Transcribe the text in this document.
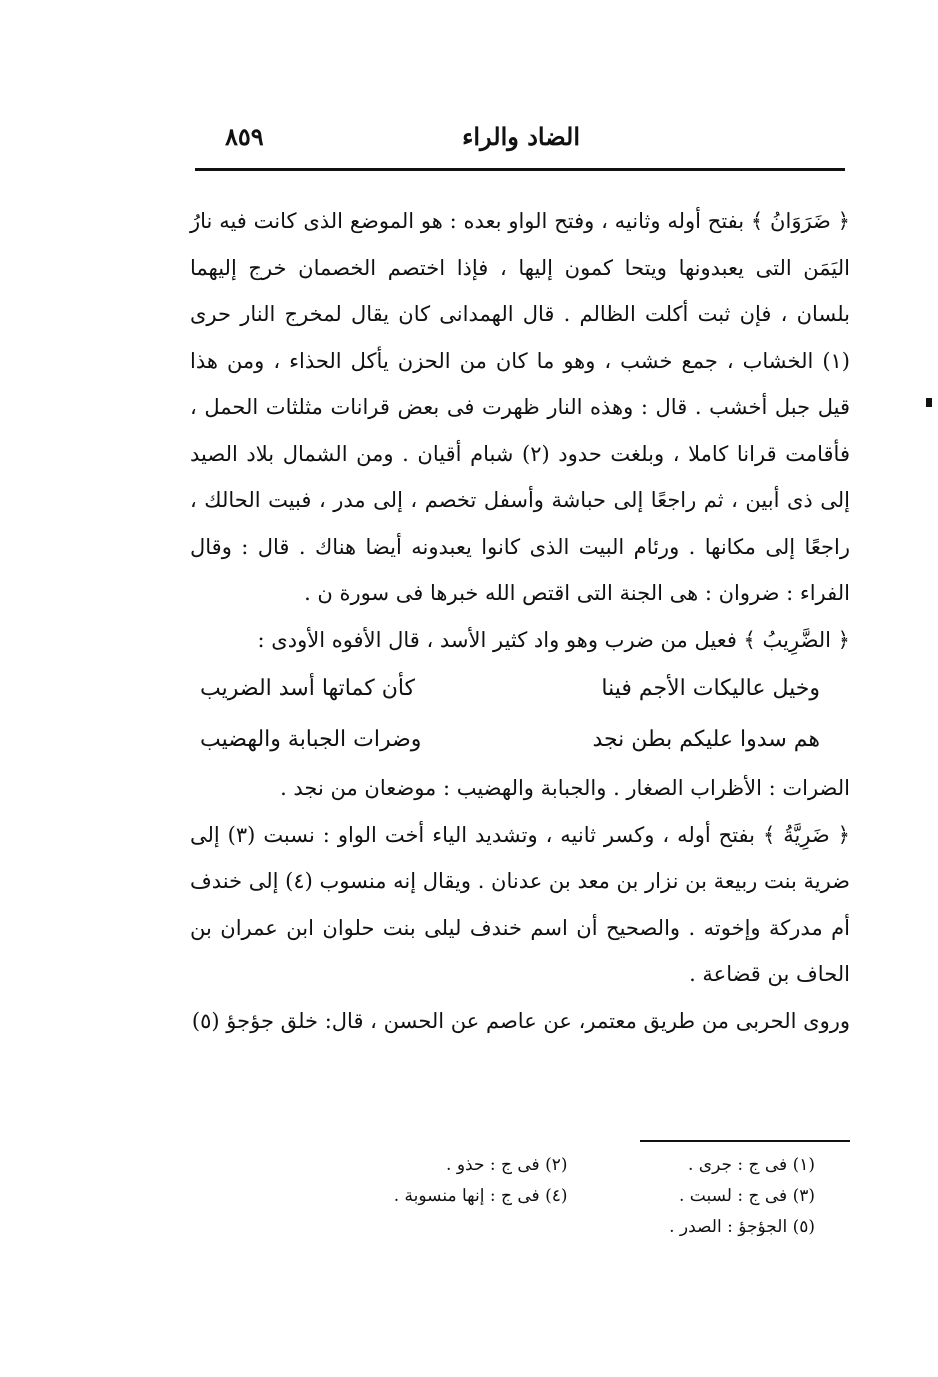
الضاد والراء
٨٥٩

﴿ ضَرَوَانُ ﴾ بفتح أوله وثانيه ، وفتح الواو بعده : هو الموضع الذى كانت فيه نارُ اليَمَن التى يعبدونها ويتحا كمون إليها ، فإذا اختصم الخصمان خرج إليهما بلسان ، فإن ثبت أكلت الظالم . قال الهمدانى كان يقال لمخرج النار حرى (١) الخشاب ، جمع خشب ، وهو ما كان من الحزن يأكل الحذاء ، ومن هذا قيل جبل أخشب . قال : وهذه النار ظهرت فى بعض قرانات مثلثات الحمل ، فأقامت قرانا كاملا ، وبلغت حدود (٢) شبام أقيان . ومن الشمال بلاد الصيد إلى ذى أبين ، ثم راجعًا إلى حباشة وأسفل تخصم ، إلى مدر ، فبيت الحالك ، راجعًا إلى مكانها . ورئام البيت الذى كانوا يعبدونه أيضا هناك . قال : وقال الفراء : ضروان : هى الجنة التى اقتص الله خبرها فى سورة ن .

﴿ الضَّرِيبُ ﴾ فعيل من ضرب وهو واد كثير الأسد ، قال الأفوه الأودى :

وخيل عاليكات الأجم فينا
كأن كماتها أسد الضريب
هم سدوا عليكم بطن نجد
وضرات الجبابة والهضيب

الضرات : الأظراب الصغار . والجبابة والهضيب : موضعان من نجد .

﴿ ضَرِيَّةُ ﴾ بفتح أوله ، وكسر ثانيه ، وتشديد الياء أخت الواو : نسبت (٣) إلى ضرية بنت ربيعة بن نزار بن معد بن عدنان . ويقال إنه منسوب (٤) إلى خندف أم مدركة وإخوته . والصحيح أن اسم خندف ليلى بنت حلوان ابن عمران بن الحاف بن قضاعة .

وروى الحربى من طريق معتمر، عن عاصم عن الحسن ، قال: خلق جؤجؤ (٥)

(١) فى ج : جرى .
(٢) فى ج : حذو .
(٣) فى ج : لسبت .
(٤) فى ج : إنها منسوبة .
(٥) الجؤجؤ : الصدر .
